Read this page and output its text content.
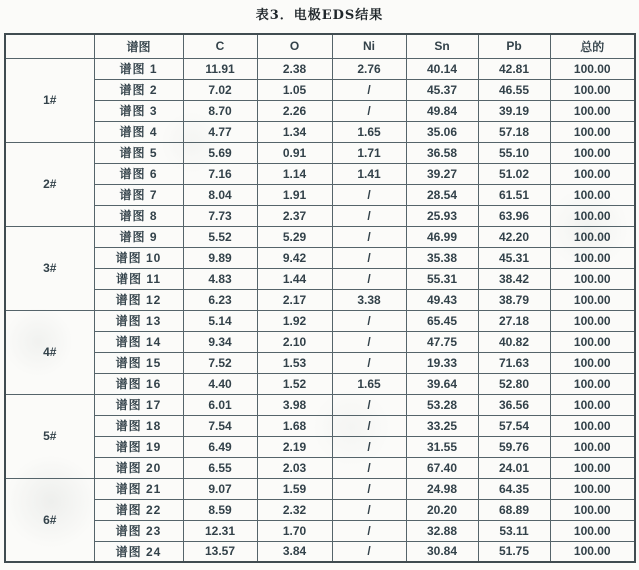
表3．电极EDS结果
	谱图	C	O	Ni	Sn	Pb	总的
1#	谱图 1	11.91	2.38	2.76	40.14	42.81	100.00
	谱图 2	7.02	1.05	/	45.37	46.55	100.00
	谱图 3	8.70	2.26	/	49.84	39.19	100.00
	谱图 4	4.77	1.34	1.65	35.06	57.18	100.00
2#	谱图 5	5.69	0.91	1.71	36.58	55.10	100.00
	谱图 6	7.16	1.14	1.41	39.27	51.02	100.00
	谱图 7	8.04	1.91	/	28.54	61.51	100.00
	谱图 8	7.73	2.37	/	25.93	63.96	100.00
3#	谱图 9	5.52	5.29	/	46.99	42.20	100.00
	谱图 10	9.89	9.42	/	35.38	45.31	100.00
	谱图 11	4.83	1.44	/	55.31	38.42	100.00
	谱图 12	6.23	2.17	3.38	49.43	38.79	100.00
4#	谱图 13	5.14	1.92	/	65.45	27.18	100.00
	谱图 14	9.34	2.10	/	47.75	40.82	100.00
	谱图 15	7.52	1.53	/	19.33	71.63	100.00
	谱图 16	4.40	1.52	1.65	39.64	52.80	100.00
5#	谱图 17	6.01	3.98	/	53.28	36.56	100.00
	谱图 18	7.54	1.68	/	33.25	57.54	100.00
	谱图 19	6.49	2.19	/	31.55	59.76	100.00
	谱图 20	6.55	2.03	/	67.40	24.01	100.00
6#	谱图 21	9.07	1.59	/	24.98	64.35	100.00
	谱图 22	8.59	2.32	/	20.20	68.89	100.00
	谱图 23	12.31	1.70	/	32.88	53.11	100.00
	谱图 24	13.57	3.84	/	30.84	51.75	100.00
